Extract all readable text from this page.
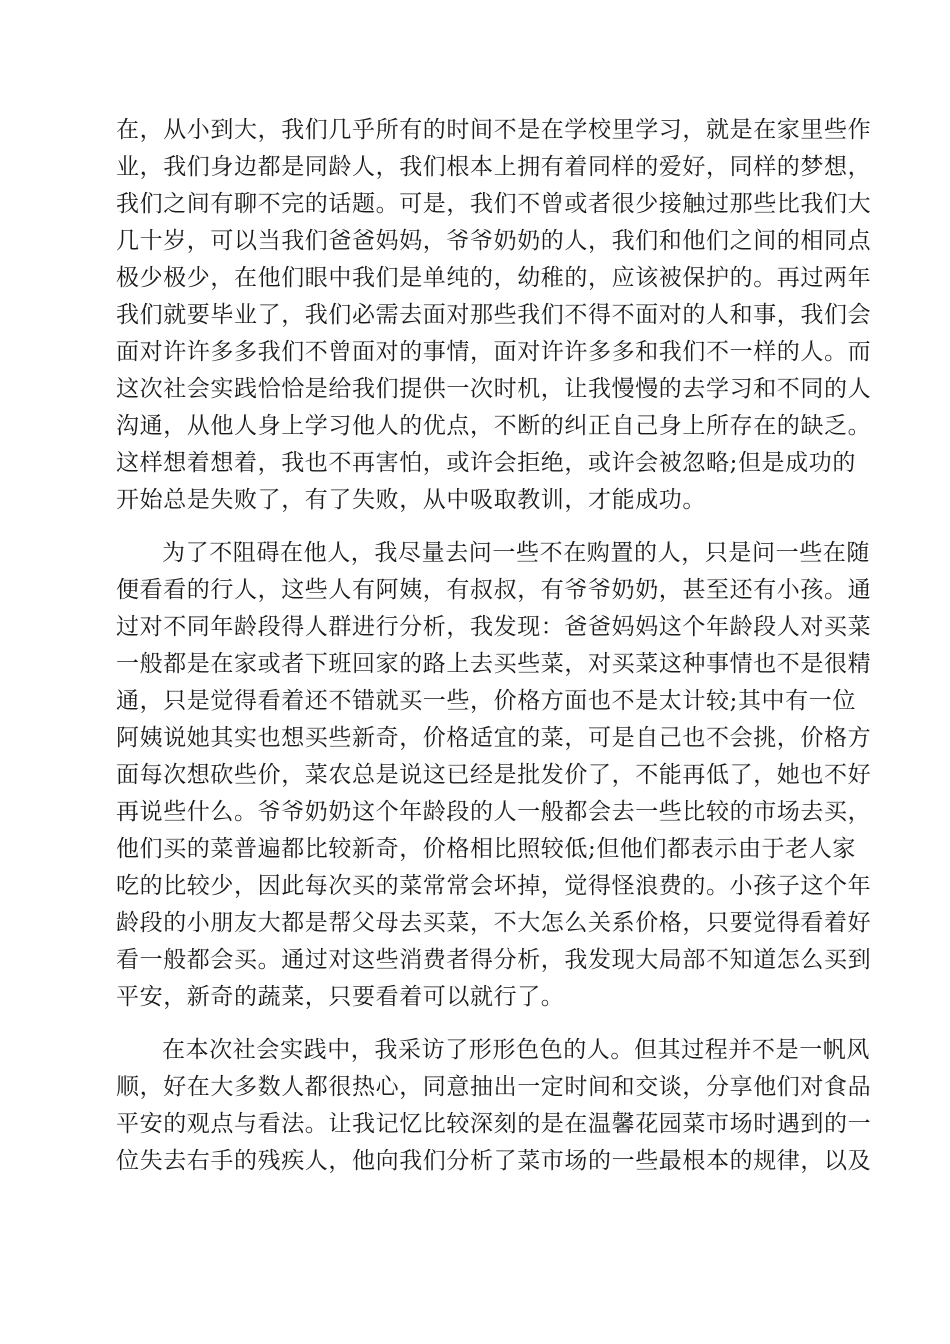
在，从小到大，我们几乎所有的时间不是在学校里学习，就是在家里些作
业，我们身边都是同龄人，我们根本上拥有着同样的爱好，同样的梦想，
我们之间有聊不完的话题。可是，我们不曾或者很少接触过那些比我们大
几十岁，可以当我们爸爸妈妈，爷爷奶奶的人，我们和他们之间的相同点
极少极少，在他们眼中我们是单纯的，幼稚的，应该被保护的。再过两年
我们就要毕业了，我们必需去面对那些我们不得不面对的人和事，我们会
面对许许多多我们不曾面对的事情，面对许许多多和我们不一样的人。而
这次社会实践恰恰是给我们提供一次时机，让我慢慢的去学习和不同的人
沟通，从他人身上学习他人的优点，不断的纠正自己身上所存在的缺乏。
这样想着想着，我也不再害怕，或许会拒绝，或许会被忽略;但是成功的
开始总是失败了，有了失败，从中吸取教训，才能成功。
为了不阻碍在他人，我尽量去问一些不在购置的人，只是问一些在随
便看看的行人，这些人有阿姨，有叔叔，有爷爷奶奶，甚至还有小孩。通
过对不同年龄段得人群进行分析，我发现：爸爸妈妈这个年龄段人对买菜
一般都是在家或者下班回家的路上去买些菜，对买菜这种事情也不是很精
通，只是觉得看着还不错就买一些，价格方面也不是太计较;其中有一位
阿姨说她其实也想买些新奇，价格适宜的菜，可是自己也不会挑，价格方
面每次想砍些价，菜农总是说这已经是批发价了，不能再低了，她也不好
再说些什么。爷爷奶奶这个年龄段的人一般都会去一些比较的市场去买，
他们买的菜普遍都比较新奇，价格相比照较低;但他们都表示由于老人家
吃的比较少，因此每次买的菜常常会坏掉，觉得怪浪费的。小孩子这个年
龄段的小朋友大都是帮父母去买菜，不大怎么关系价格，只要觉得看着好
看一般都会买。通过对这些消费者得分析，我发现大局部不知道怎么买到
平安，新奇的蔬菜，只要看着可以就行了。
在本次社会实践中，我采访了形形色色的人。但其过程并不是一帆风
顺，好在大多数人都很热心，同意抽出一定时间和交谈，分享他们对食品
平安的观点与看法。让我记忆比较深刻的是在温馨花园菜市场时遇到的一
位失去右手的残疾人，他向我们分析了菜市场的一些最根本的规律，以及
